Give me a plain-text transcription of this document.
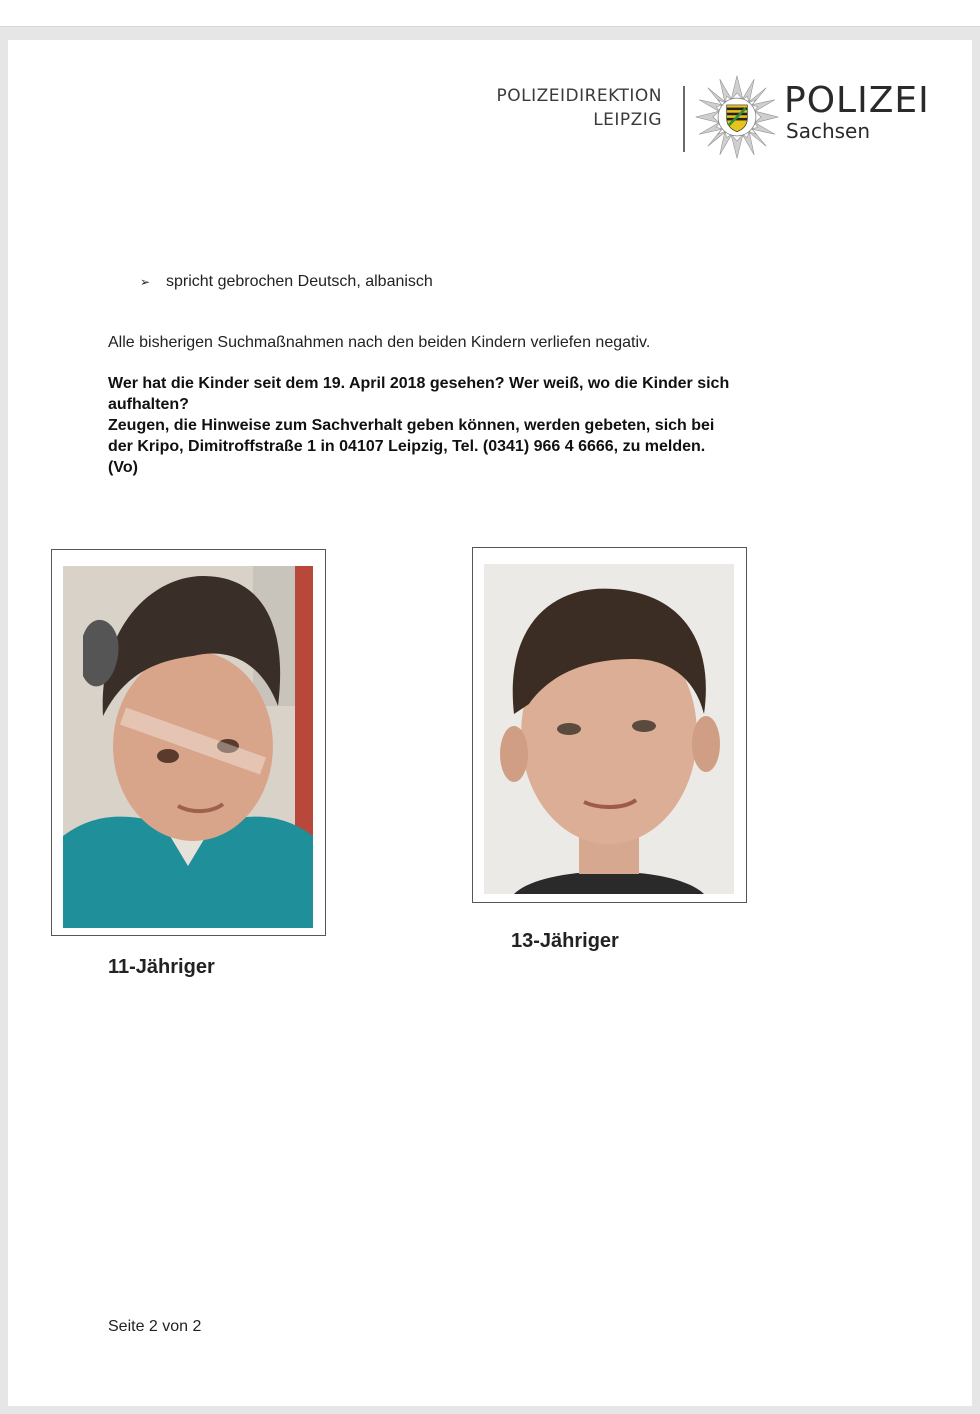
POLIZEIDIREKTION
LEIPZIG	POLIZEI
Sachsen
➢ spricht gebrochen Deutsch, albanisch
Alle bisherigen Suchmaßnahmen nach den beiden Kindern verliefen negativ.
Wer hat die Kinder seit dem 19. April 2018 gesehen? Wer weiß, wo die Kinder sich
aufhalten?
Zeugen, die Hinweise zum Sachverhalt geben können, werden gebeten, sich bei
der Kripo, Dimitroffstraße 1 in 04107 Leipzig, Tel. (0341) 966 4 6666, zu melden.
(Vo)
11-Jähriger
13-Jähriger
Seite 2 von 2
